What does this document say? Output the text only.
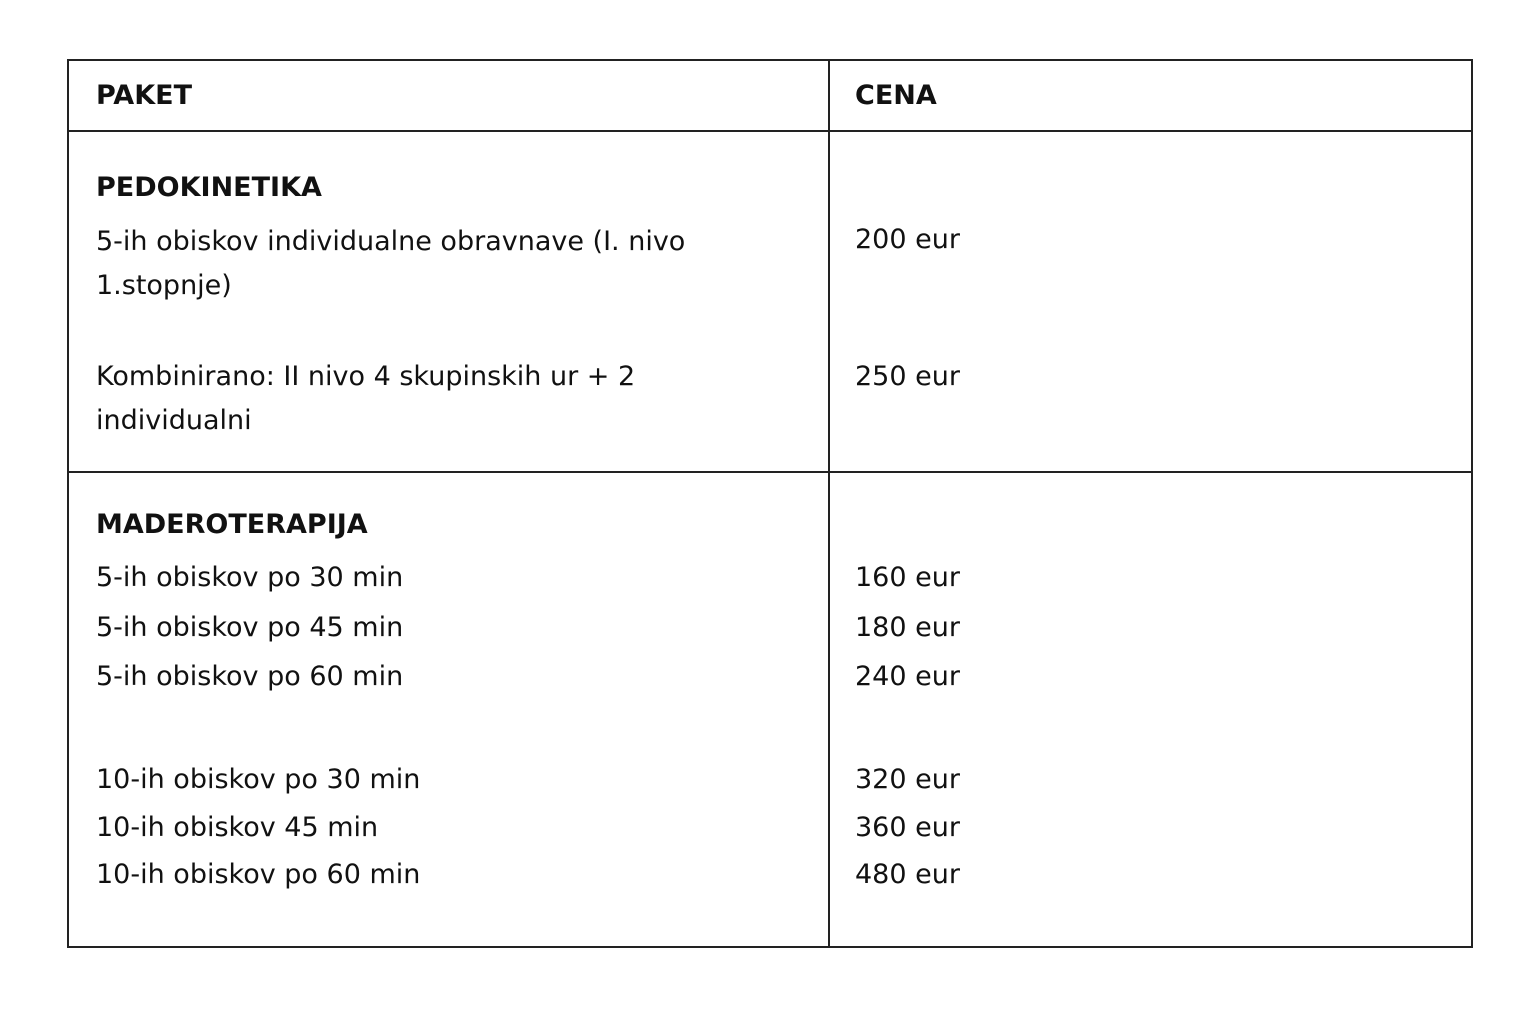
PAKET	CENA
PEDOKINETIKA
5-ih obiskov individualne obravnave (I. nivo
1.stopnje)
200 eur
Kombinirano: II nivo 4 skupinskih ur + 2
individualni
250 eur
MADEROTERAPIJA
5-ih obiskov po 30 min	160 eur
5-ih obiskov po 45 min	180 eur
5-ih obiskov po 60 min	240 eur
10-ih obiskov po 30 min	320 eur
10-ih obiskov 45 min	360 eur
10-ih obiskov po 60 min	480 eur
